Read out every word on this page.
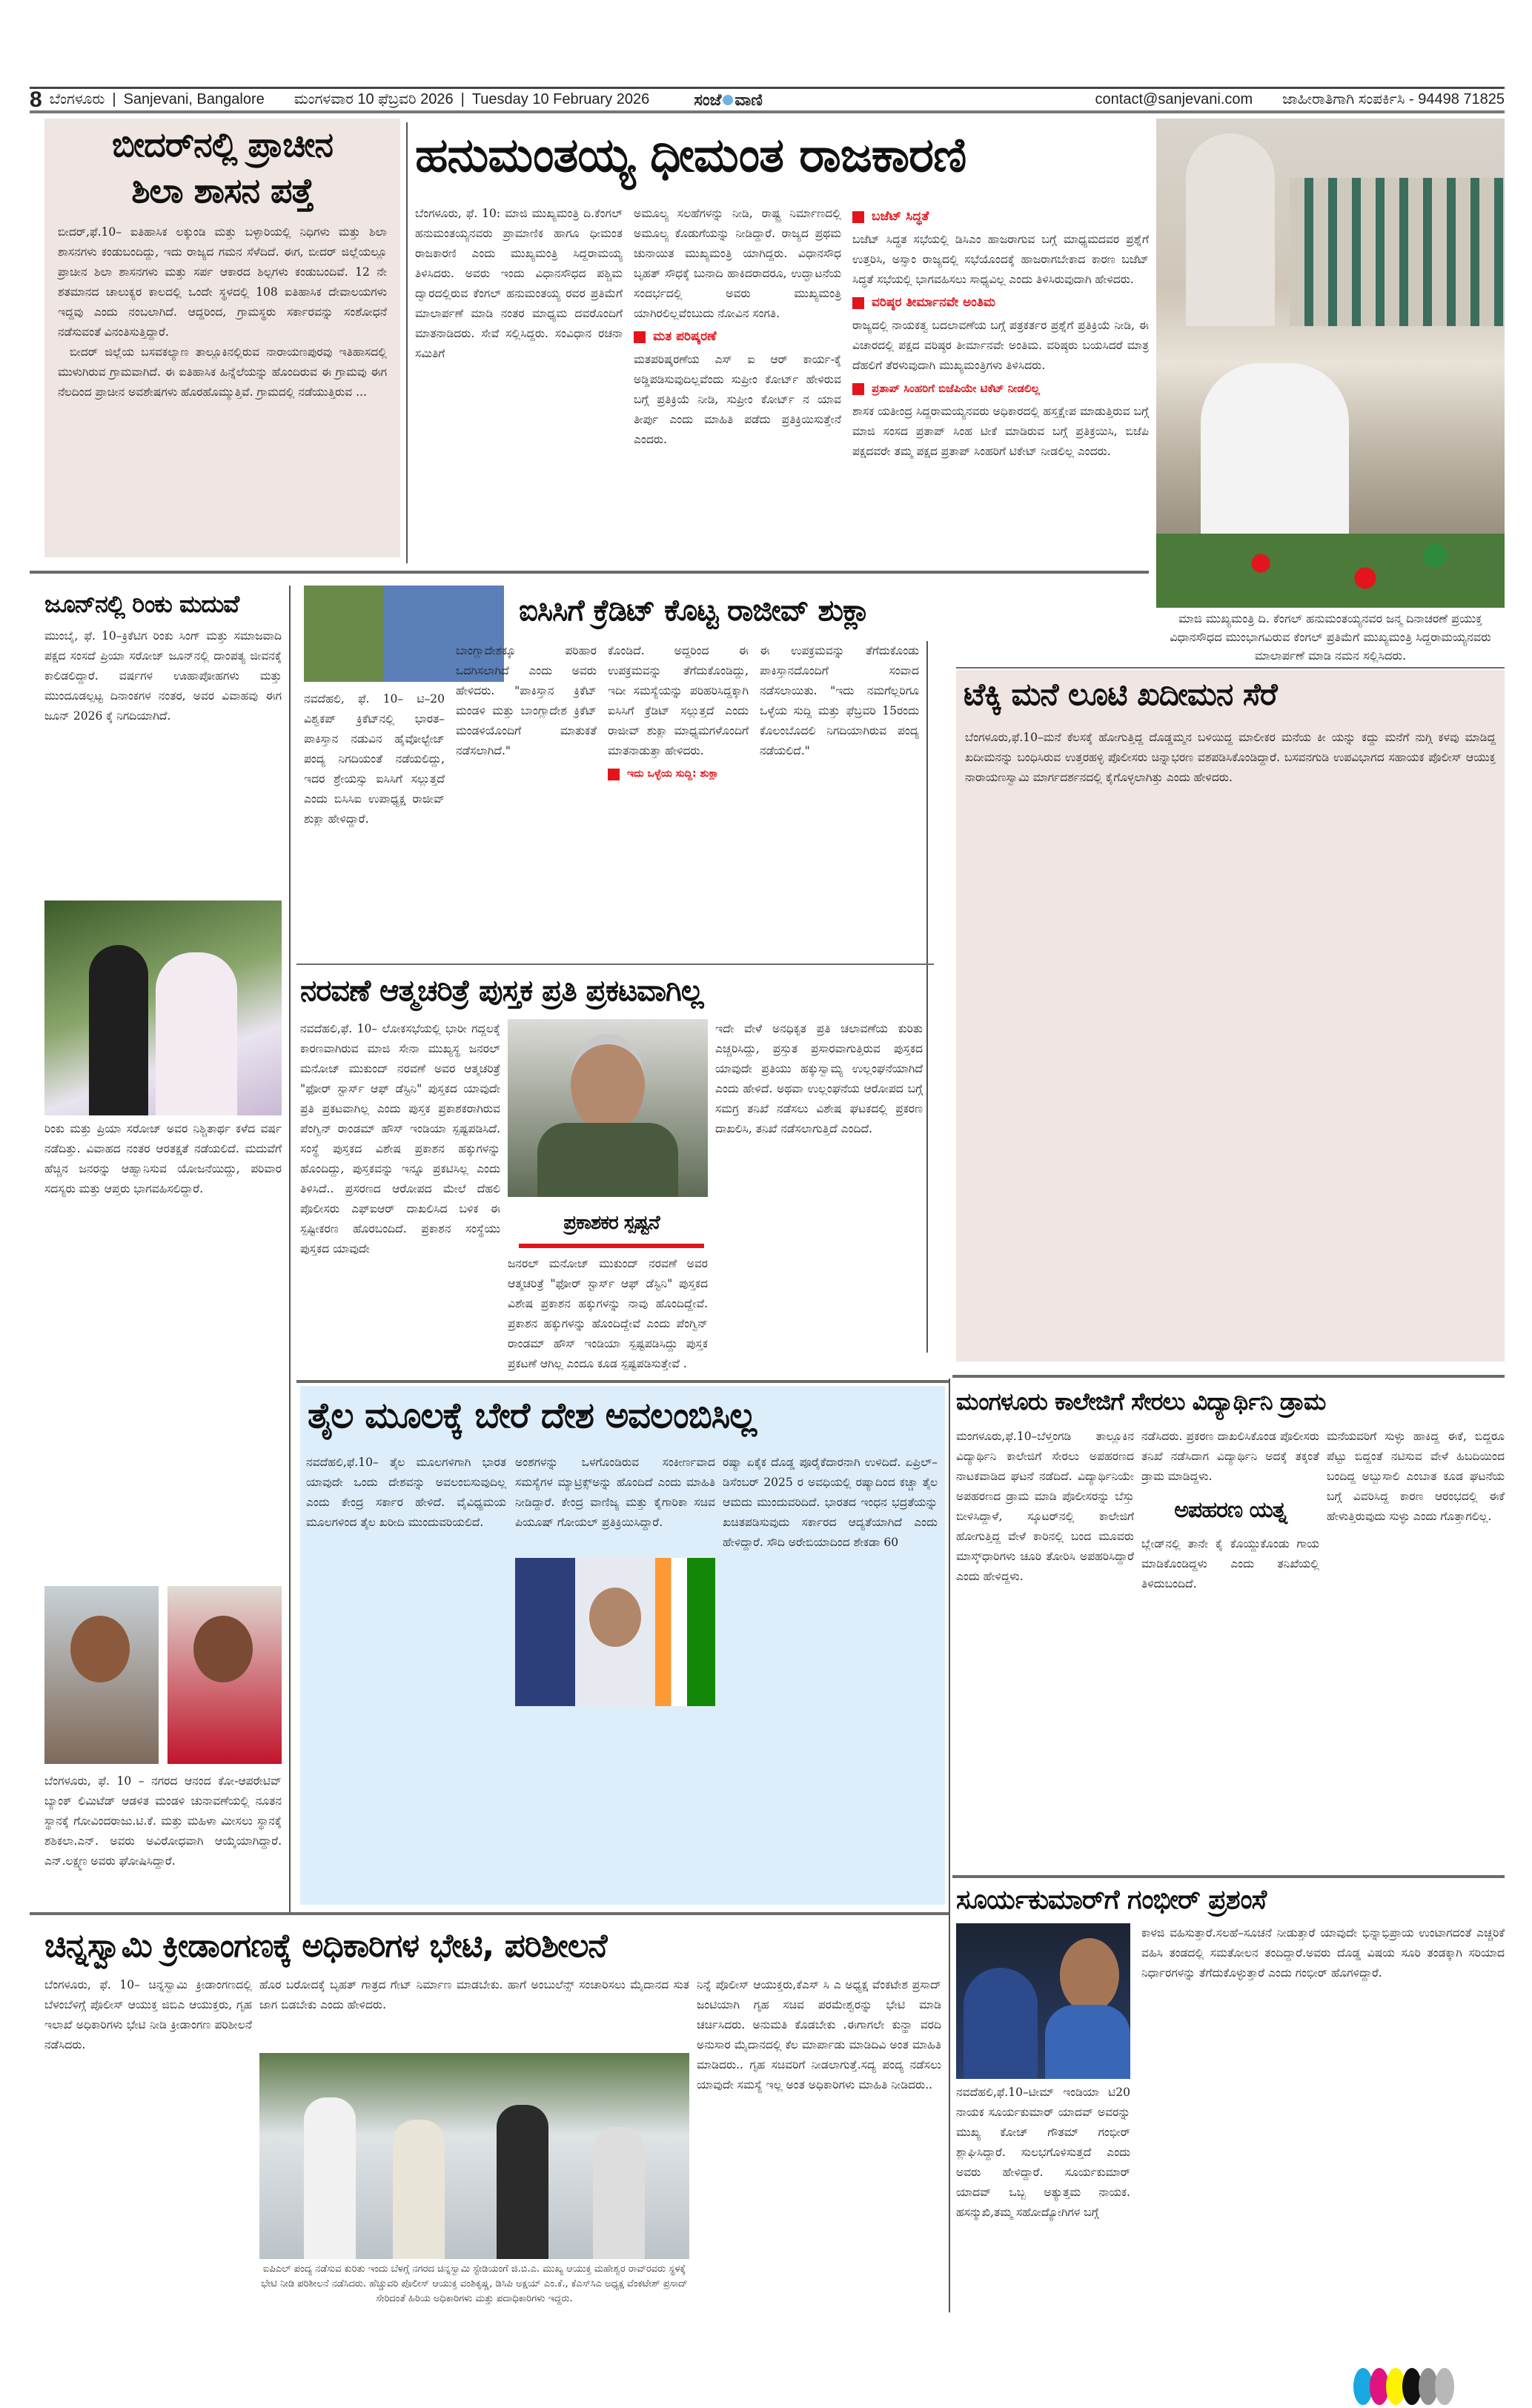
8 ಬೆಂಗಳೂರು | Sanjevani, Bangalore ಮಂಗಳವಾರ 10 ಫೆಬ್ರವರಿ 2026 | Tuesday 10 February 2026	ಸಂಜೆ ವಾಣಿ	contact@sanjevani.com ಜಾಹೀರಾತಿಗಾಗಿ ಸಂಪರ್ಕಿಸಿ - 94498 71825
ಬೀದರ್‌ನಲ್ಲಿ ಪ್ರಾಚೀನ
ಶಿಲಾ ಶಾಸನ ಪತ್ತೆ

ಬೀದರ್,ಫೆ.10– ಐತಿಹಾಸಿಕ ಲಕ್ಕುಂಡಿ ಮತ್ತು ಬಳ್ಳಾರಿಯಲ್ಲಿ ನಿಧಿಗಳು ಮತ್ತು ಶಿಲಾ ಶಾಸನಗಳು ಕಂಡುಬಂದಿದ್ದು, ಇದು ರಾಜ್ಯದ ಗಮನ ಸೆಳೆದಿದೆ. ಈಗ, ಬೀದರ್ ಜಿಲ್ಲೆಯಲ್ಲೂ ಪ್ರಾಚೀನ ಶಿಲಾ ಶಾಸನಗಳು ಮತ್ತು ಸರ್ಪ ಆಕಾರದ ಶಿಲ್ಪಗಳು ಕಂಡುಬಂದಿವೆ. 12 ನೇ ಶತಮಾನದ ಚಾಲುಕ್ಯರ ಕಾಲದಲ್ಲಿ ಒಂದೇ ಸ್ಥಳದಲ್ಲಿ 108 ಐತಿಹಾಸಿಕ ದೇವಾಲಯಗಳು ಇದ್ದವು ಎಂದು ನಂಬಲಾಗಿದೆ. ಆದ್ದರಿಂದ, ಗ್ರಾಮಸ್ಥರು ಸರ್ಕಾರವನ್ನು ಸಂಶೋಧನೆ ನಡೆಸುವಂತೆ ವಿನಂತಿಸುತ್ತಿದ್ದಾರೆ.

ಬೀದರ್ ಜಿಲ್ಲೆಯ ಬಸವಕಲ್ಯಾಣ ತಾಲ್ಲೂಕಿನಲ್ಲಿರುವ ನಾರಾಯಣಪುರವು ಇತಿಹಾಸದಲ್ಲಿ ಮುಳುಗಿರುವ ಗ್ರಾಮವಾಗಿದೆ. ಈ ಐತಿಹಾಸಿಕ ಹಿನ್ನೆಲೆಯನ್ನು ಹೊಂದಿರುವ ಈ ಗ್ರಾಮವು ಈಗ ನೆಲದಿಂದ ಪ್ರಾಚೀನ ಅವಶೇಷಗಳು ಹೊರಹೊಮ್ಮುತ್ತಿವೆ. ಗ್ರಾಮದಲ್ಲಿ ನಡೆಯುತ್ತಿರುವ ...

ಹನುಮಂತಯ್ಯ ಧೀಮಂತ ರಾಜಕಾರಣಿ
ಬೆಂಗಳೂರು, ಫೆ. 10: ಮಾಜಿ ಮುಖ್ಯಮಂತ್ರಿ ದಿ.ಕೆಂಗಲ್ ಹನುಮಂತಯ್ಯನವರು ಪ್ರಾಮಾಣಿಕ ಹಾಗೂ ಧೀಮಂತ ರಾಜಕಾರಣಿ ಎಂದು ಮುಖ್ಯಮಂತ್ರಿ ಸಿದ್ದರಾಮಯ್ಯ ತಿಳಿಸಿದರು. ಅವರು ಇಂದು ವಿಧಾನಸೌಧದ ಪಶ್ಚಿಮ ದ್ವಾರದಲ್ಲಿರುವ ಕೆಂಗಲ್ ಹನುಮಂತಯ್ಯ ರವರ ಪ್ರತಿಮೆಗೆ ಮಾಲಾರ್ಪಣೆ ಮಾಡಿ ನಂತರ ಮಾಧ್ಯಮ ದವರೊಂದಿಗೆ ಮಾತನಾಡಿದರು. ಸೇವೆ ಸಲ್ಲಿಸಿದ್ದರು. ಸಂವಿಧಾನ ರಚನಾ ಸಮಿತಿಗೆ
ಅಮೂಲ್ಯ ಸಲಹೆಗಳನ್ನು ನೀಡಿ, ರಾಷ್ಟ್ರ ನಿರ್ಮಾಣದಲ್ಲಿ ಅಮೂಲ್ಯ ಕೊಡುಗೆಯನ್ನು ನೀಡಿದ್ದಾರೆ. ರಾಜ್ಯದ ಪ್ರಥಮ ಚುನಾಯಿತ ಮುಖ್ಯಮಂತ್ರಿ ಯಾಗಿದ್ದರು. ವಿಧಾನಸೌಧ ಬೃಹತ್ ಸೌಧಕ್ಕೆ ಬುನಾದಿ ಹಾಕಿದರಾದರೂ, ಉದ್ಘಾಟನೆಯ ಸಂದರ್ಭದಲ್ಲಿ ಅವರು ಮುಖ್ಯಮಂತ್ರಿ ಯಾಗಿರಲಿಲ್ಲವೆಂಬುದು ನೋವಿನ ಸಂಗತಿ.
ಮತ ಪರಿಷ್ಕರಣೆ
ಮತಪರಿಷ್ಕರಣೆಯ ಎಸ್ ಐ ಆರ್ ಕಾರ್ಯ-ಕ್ಕೆ ಅಡ್ಡಿಪಡಿಸುವುದಿಲ್ಲವೆಂದು ಸುಪ್ರೀಂ ಕೋರ್ಟ್ ಹೇಳಿರುವ ಬಗ್ಗೆ ಪ್ರತಿಕ್ರಿಯೆ ನೀಡಿ, ಸುಪ್ರೀಂ ಕೋರ್ಟ್ ನ ಯಾವ ತೀರ್ಪು ಎಂದು ಮಾಹಿತಿ ಪಡೆದು ಪ್ರತಿಕ್ರಿಯಿಸುತ್ತೇನೆ ಎಂದರು.
ಬಜೆಟ್ ಸಿದ್ಧತೆ
ಬಜೆಟ್ ಸಿದ್ಧತ ಸಭೆಯಲ್ಲಿ ಡಿಸಿಎಂ ಹಾಜರಾಗುವ ಬಗ್ಗೆ ಮಾಧ್ಯಮದವರ ಪ್ರಶ್ನೆಗೆ ಉತ್ತರಿಸಿ, ಅಸ್ಸಾಂ ರಾಜ್ಯದಲ್ಲಿ ಸಭೆಯೊಂದಕ್ಕೆ ಹಾಜರಾಗಬೇಕಾದ ಕಾರಣ ಬಜೆಟ್ ಸಿದ್ಧತೆ ಸಭೆಯಲ್ಲಿ ಭಾಗವಹಿಸಲು ಸಾಧ್ಯವಿಲ್ಲ ಎಂದು ತಿಳಿಸಿರುವುದಾಗಿ ಹೇಳಿದರು.
ವರಿಷ್ಠರ ತೀರ್ಮಾನವೇ ಅಂತಿಮ
ರಾಜ್ಯದಲ್ಲಿ ನಾಯಕತ್ವ ಬದಲಾವಣೆಯ ಬಗ್ಗೆ ಪತ್ರಕರ್ತರ ಪ್ರಶ್ನೆಗೆ ಪ್ರತಿಕ್ರಿಯೆ ನೀಡಿ, ಈ ವಿಚಾರದಲ್ಲಿ ಪಕ್ಷದ ವರಿಷ್ಠರ ತೀರ್ಮಾನವೇ ಅಂತಿಮ. ವರಿಷ್ಠರು ಬಯಸಿದರೆ ಮಾತ್ರ ದೆಹಲಿಗೆ ತೆರಳುವುದಾಗಿ ಮುಖ್ಯಮಂತ್ರಿಗಳು ತಿಳಿಸಿದರು.
ಪ್ರತಾಪ್ ಸಿಂಹರಿಗೆ ಬಿಜೆಪಿಯೇ ಟಿಕೆಟ್ ನೀಡಲಿಲ್ಲ
ಶಾಸಕ ಯತೀಂದ್ರ ಸಿದ್ದರಾಮಯ್ಯನವರು ಅಧಿಕಾರದಲ್ಲಿ ಹಸ್ತಕ್ಷೇಪ ಮಾಡುತ್ತಿರುವ ಬಗ್ಗೆ ಮಾಜಿ ಸಂಸದ ಪ್ರತಾಪ್ ಸಿಂಹ ಟೀಕೆ ಮಾಡಿರುವ ಬಗ್ಗೆ ಪ್ರತಿಕ್ರಯಿಸಿ, ಬಿಜೆಪಿ ಪಕ್ಷದವರೇ ತಮ್ಮ ಪಕ್ಷದ ಪ್ರತಾಪ್ ಸಿಂಹರಿಗೆ ಟಿಕೇಟ್ ನೀಡಲಿಲ್ಲ ಎಂದರು.
ಮಾಜಿ ಮುಖ್ಯಮಂತ್ರಿ ದಿ. ಕೆಂಗಲ್ ಹನುಮಂತಯ್ಯನವರ ಜನ್ಮ ದಿನಾಚರಣೆ ಪ್ರಯುಕ್ತ ವಿಧಾನಸೌಧದ ಮುಂಭಾಗವಿರುವ ಕೆಂಗಲ್ ಪ್ರತಿಮೆಗೆ ಮುಖ್ಯಮಂತ್ರಿ ಸಿದ್ದರಾಮಯ್ಯನವರು ಮಾಲಾರ್ಪಣೆ ಮಾಡಿ ನಮನ ಸಲ್ಲಿಸಿದರು.
ಜೂನ್‌ನಲ್ಲಿ ರಿಂಕು ಮದುವೆ
ಮುಂಬೈ, ಫೆ. 10–ಕ್ರಿಕೆಟಿಗ ರಿಂಕು ಸಿಂಗ್ ಮತ್ತು ಸಮಾಜವಾದಿ ಪಕ್ಷದ ಸಂಸದೆ ಪ್ರಿಯಾ ಸರೋಜ್ ಜೂನ್‌ನಲ್ಲಿ ದಾಂಪತ್ಯ ಜೀವನಕ್ಕೆ ಕಾಲಿಡಲಿದ್ದಾರೆ. ವರ್ಷಗಳ ಊಹಾಪೋಹಗಳು ಮತ್ತು ಮುಂದೂಡಲ್ಪಟ್ಟ ದಿನಾಂಕಗಳ ನಂತರ, ಅವರ ವಿವಾಹವು ಈಗ ಜೂನ್ 2026 ಕ್ಕೆ ನಿಗದಿಯಾಗಿದೆ.
ರಿಂಕು ಮತ್ತು ಪ್ರಿಯಾ ಸರೋಜ್ ಅವರ ನಿಶ್ಚಿತಾರ್ಥ ಕಳೆದ ವರ್ಷ ನಡೆದಿತ್ತು. ವಿವಾಹದ ನಂತರ ಆರತಕ್ಷತೆ ನಡೆಯಲಿದೆ. ಮದುವೆಗೆ ಹೆಚ್ಚಿನ ಜನರನ್ನು ಆಹ್ವಾನಿಸುವ ಯೋಜನೆಯಿದ್ದು, ಪರಿವಾರ ಸದಸ್ಯರು ಮತ್ತು ಆಪ್ತರು ಭಾಗವಹಿಸಲಿದ್ದಾರೆ.
ಬೆಂಗಳೂರು, ಫೆ. 10 – ನಗರದ ಆನಂದ ಕೋ-ಆಪರೇಟಿವ್ ಬ್ಯಾಂಕ್ ಲಿಮಿಟೆಡ್ ಆಡಳಿತ ಮಂಡಳಿ ಚುನಾವಣೆಯಲ್ಲಿ ನೂತನ ಸ್ಥಾನಕ್ಕೆ ಗೋವಿಂದರಾಜು.ಟಿ.ಕೆ. ಮತ್ತು ಮಹಿಳಾ ಮೀಸಲು ಸ್ಥಾನಕ್ಕೆ ಶಶಿಕಲಾ.ಎನ್. ಅವರು ಅವಿರೋಧವಾಗಿ ಆಯ್ಕೆಯಾಗಿದ್ದಾರೆ. ಎನ್.ಲಕ್ಷ್ಮಣ ಅವರು ಘೋಷಿಸಿದ್ದಾರೆ.
ಐಸಿಸಿಗೆ ಕ್ರೆಡಿಟ್ ಕೊಟ್ಟ ರಾಜೀವ್ ಶುಕ್ಲಾ
ನವದೆಹಲಿ, ಫೆ. 10– ಟಿ–20 ವಿಶ್ವಕಪ್ ಕ್ರಿಕೆಟ್‌ನಲ್ಲಿ ಭಾರತ–ಪಾಕಿಸ್ತಾನ ನಡುವಿನ ಹೈವೋಲ್ಟೇಜ್ ಪಂದ್ಯ ನಿಗದಿಯಂತೆ ನಡೆಯಲಿದ್ದು, ಇದರ ಶ್ರೇಯಸ್ಸು ಐಸಿಸಿಗೆ ಸಲ್ಲುತ್ತದೆ ಎಂದು ಬಿಸಿಸಿಐ ಉಪಾಧ್ಯಕ್ಷ ರಾಜೀವ್ ಶುಕ್ಲಾ ಹೇಳಿದ್ದಾರೆ.
ಬಾಂಗ್ಲಾದೇಶಕ್ಕೂ ಪರಿಹಾರ ಒದಗಿಸಲಾಗಿದೆ ಎಂದು ಅವರು ಹೇಳಿದರು. "ಪಾಕಿಸ್ತಾನ ಕ್ರಿಕೆಟ್ ಮಂಡಳಿ ಮತ್ತು ಬಾಂಗ್ಲಾದೇಶ ಕ್ರಿಕೆಟ್ ಮಂಡಳಿಯೊಂದಿಗೆ ಮಾತುಕತೆ ನಡೆಸಲಾಗಿದೆ."
ಕೊಂಡಿದೆ. ಅದ್ದರಿಂದ ಈ ಉಪಕ್ರಮವನ್ನು ತೆಗೆದುಕೊಂಡಿದ್ದು, ಇದೀ ಸಮಸ್ಯೆಯನ್ನು ಪರಿಹರಿಸಿದ್ದಕ್ಕಾಗಿ ಐಸಿಸಿಗೆ ಕ್ರೆಡಿಟ್ ಸಲ್ಲುತ್ತದೆ ಎಂದು ರಾಜೀವ್ ಶುಕ್ಲಾ ಮಾಧ್ಯಮಗಳೊಂದಿಗೆ ಮಾತನಾಡುತ್ತಾ ಹೇಳಿದರು.
ಇದು ಒಳ್ಳೆಯ ಸುದ್ದಿ: ಶುಕ್ಲಾ
ಈ ಉಪಕ್ರಮವನ್ನು ತೆಗೆದುಕೊಂಡು ಪಾಕಿಸ್ತಾನದೊಂದಿಗೆ ಸಂವಾದ ನಡೆಸಲಾಯಿತು. "ಇದು ನಮಗೆಲ್ಲರಿಗೂ ಒಳ್ಳೆಯ ಸುದ್ದಿ ಮತ್ತು ಫೆಬ್ರವರಿ 15ರಂದು ಕೊಲಂಬೊದಲಿ ನಿಗದಿಯಾಗಿರುವ ಪಂದ್ಯ ನಡೆಯಲಿದೆ."
ನರವಣೆ ಆತ್ಮಚರಿತ್ರೆ ಪುಸ್ತಕ ಪ್ರತಿ ಪ್ರಕಟವಾಗಿಲ್ಲ
ನವದೆಹಲಿ,ಫೆ. 10– ಲೋಕಸಭೆಯಲ್ಲಿ ಭಾರೀ ಗದ್ದಲಕ್ಕೆ ಕಾರಣವಾಗಿರುವ ಮಾಜಿ ಸೇನಾ ಮುಖ್ಯಸ್ಥ ಜನರಲ್ ಮನೋಜ್ ಮುಕುಂದ್ ನರವಣೆ ಅವರ ಆತ್ಮಚರಿತ್ರೆ "ಫೋರ್ ಸ್ಟಾರ್ಸ್ ಆಫ್ ಡೆಸ್ಟಿನಿ" ಪುಸ್ತಕದ ಯಾವುದೇ ಪ್ರತಿ ಪ್ರಕಟವಾಗಿಲ್ಲ ಎಂದು ಪುಸ್ತಕ ಪ್ರಕಾಶಕರಾಗಿರುವ ಪೆಂಗ್ವಿನ್ ರಾಂಡಮ್ ಹೌಸ್ ಇಂಡಿಯಾ ಸ್ಪಷ್ಟಪಡಿಸಿದೆ. ಸಂಸ್ಥೆ ಪುಸ್ತಕದ ವಿಶೇಷ ಪ್ರಕಾಶನ ಹಕ್ಕುಗಳನ್ನು ಹೊಂದಿದ್ದು, ಪುಸ್ತಕವನ್ನು ಇನ್ನೂ ಪ್ರಕಟಿಸಿಲ್ಲ ಎಂದು ತಿಳಿಸಿದೆ.. ಪ್ರಸರಣದ ಆರೋಪದ ಮೇಲೆ ದೆಹಲಿ ಪೊಲೀಸರು ಎಫ್‌ಐಆರ್ ದಾಖಲಿಸಿದ ಬಳಿಕ ಈ ಸ್ಪಷ್ಟೀಕರಣ ಹೊರಬಂದಿದೆ. ಪ್ರಕಾಶನ ಸಂಸ್ಥೆಯು ಪುಸ್ತಕದ ಯಾವುದೇ
ಪ್ರಕಾಶಕರ ಸ್ಪಷ್ಟನೆ
ಜನರಲ್ ಮನೋಜ್ ಮುಕುಂದ್ ನರವಣೆ ಅವರ ಆತ್ಮಚರಿತ್ರೆ "ಫೋರ್ ಸ್ಟಾರ್ಸ್ ಆಫ್ ಡೆಸ್ಟಿನಿ" ಪುಸ್ತಕದ ವಿಶೇಷ ಪ್ರಕಾಶನ ಹಕ್ಕುಗಳನ್ನು ನಾವು ಹೊಂದಿದ್ದೇವೆ. ಪ್ರಕಾಶನ ಹಕ್ಕುಗಳನ್ನು ಹೊಂದಿದ್ದೇವೆ ಎಂದು ಪೆಂಗ್ವಿನ್ ರಾಂಡಮ್ ಹೌಸ್ ಇಂಡಿಯಾ ಸ್ಪಷ್ಟಪಡಿಸಿದ್ದು ಪುಸ್ತಕ ಪ್ರಕಟಣೆ ಆಗಿಲ್ಲ ಎಂದೂ ಕೂಡ ಸ್ಪಷ್ಟಪಡಿಸುತ್ತೇವೆ .
ಇದೇ ವೇಳೆ ಅನಧಿಕೃತ ಪ್ರತಿ ಚಲಾವಣೆಯ ಕುರಿತು ಎಚ್ಚರಿಸಿದ್ದು, ಪ್ರಸ್ತುತ ಪ್ರಸಾರವಾಗುತ್ತಿರುವ ಪುಸ್ತಕದ ಯಾವುದೇ ಪ್ರತಿಯು ಹಕ್ಕುಸ್ವಾಮ್ಯ ಉಲ್ಲಂಘನೆಯಾಗಿದೆ ಎಂದು ಹೇಳಿದೆ. ಅಥವಾ ಉಲ್ಲಂಘನೆಯ ಆರೋಪದ ಬಗ್ಗೆ ಸಮಗ್ರ ತನಿಖೆ ನಡೆಸಲು ವಿಶೇಷ ಘಟಕದಲ್ಲಿ ಪ್ರಕರಣ ದಾಖಲಿಸಿ, ತನಿಖೆ ನಡೆಸಲಾಗುತ್ತಿದೆ ಎಂದಿದೆ.
ಟೆಕ್ಕಿ ಮನೆ ಲೂಟಿ ಖದೀಮನ ಸೆರೆ
ಬೆಂಗಳೂರು,ಫೆ.10–ಮನೆ ಕೆಲಸಕ್ಕೆ ಹೋಗುತ್ತಿದ್ದ ದೊಡ್ಡಮ್ಮನ ಬಳಿಯಿದ್ದ ಮಾಲೀಕರ ಮನೆಯ ಕೀ ಯನ್ನು ಕದ್ದು ಮನೆಗೆ ನುಗ್ಗಿ ಕಳವು ಮಾಡಿದ್ದ ಖದೀಮನನ್ನು ಬಂಧಿಸಿರುವ ಉತ್ತರಹಳ್ಳಿ ಪೊಲೀಸರು ಚಿನ್ನಾಭರಣ ವಶಪಡಿಸಿಕೊಂಡಿದ್ದಾರೆ. ಬಸವನಗುಡಿ ಉಪವಿಭಾಗದ ಸಹಾಯಕ ಪೊಲೀಸ್ ಆಯುಕ್ತ ನಾರಾಯಣಸ್ವಾಮಿ ಮಾರ್ಗದರ್ಶನದಲ್ಲಿ ಕೈಗೊಳ್ಳಲಾಗಿತ್ತು ಎಂದು ಹೇಳಿದರು.
ತೈಲ ಮೂಲಕ್ಕೆ ಬೇರೆ ದೇಶ ಅವಲಂಬಿಸಿಲ್ಲ
ನವದೆಹಲಿ,ಫೆ.10– ತೈಲ ಮೂಲಗಳಿಗಾಗಿ ಭಾರತ ಯಾವುದೇ ಒಂದು ದೇಶವನ್ನು ಅವಲಂಬಿಸುವುದಿಲ್ಲ ಎಂದು ಕೇಂದ್ರ ಸರ್ಕಾರ ಹೇಳಿದೆ. ವೈವಿಧ್ಯಮಯ ಮೂಲಗಳಿಂದ ತೈಲ ಖರೀದಿ ಮುಂದುವರಿಯಲಿದೆ.
ಅಂಶಗಳನ್ನು ಒಳಗೊಂಡಿರುವ ಸಂಕೀರ್ಣವಾದ ಸಮಸ್ಯೆಗಳ ಮ್ಯಾಟ್ರಿಕ್ಸ್‌ಅನ್ನು ಹೊಂದಿದೆ ಎಂದು ಮಾಹಿತಿ ನೀಡಿದ್ದಾರೆ. ಕೇಂದ್ರ ವಾಣಿಜ್ಯ ಮತ್ತು ಕೈಗಾರಿಕಾ ಸಚಿವ ಪಿಯೂಷ್ ಗೋಯಲ್ ಪ್ರತಿಕ್ರಿಯಿಸಿದ್ದಾರೆ.
ರಷ್ಯಾ ಏಕೈಕ ದೊಡ್ಡ ಪೂರೈಕೆದಾರನಾಗಿ ಉಳಿದಿದೆ. ಏಪ್ರಿಲ್–ಡಿಸೆಂಬರ್ 2025 ರ ಅವಧಿಯಲ್ಲಿ ರಷ್ಯಾದಿಂದ ಕಚ್ಚಾ ತೈಲ ಆಮದು ಮುಂದುವರಿದಿದೆ. ಭಾರತದ ಇಂಧನ ಭದ್ರತೆಯನ್ನು ಖಚಿತಪಡಿಸುವುದು ಸರ್ಕಾರದ ಆದ್ಯತೆಯಾಗಿದೆ ಎಂದು ಹೇಳಿದ್ದಾರೆ. ಸೌದಿ ಅರೇಬಿಯಾದಿಂದ ಶೇಕಡಾ 60
ಮಂಗಳೂರು ಕಾಲೇಜಿಗೆ ಸೇರಲು ವಿದ್ಯಾರ್ಥಿನಿ ಡ್ರಾಮ
ಮಂಗಳೂರು,ಫೆ.10–ಬೆಳ್ತಂಗಡಿ ತಾಲ್ಲೂಕಿನ ವಿದ್ಯಾರ್ಥಿನಿ ಕಾಲೇಜಿಗೆ ಸೇರಲು ಅಪಹರಣದ ನಾಟಕವಾಡಿದ ಘಟನೆ ನಡೆದಿದೆ. ವಿದ್ಯಾರ್ಥಿನಿಯೇ ಅಪಹರಣದ ಡ್ರಾಮ ಮಾಡಿ ಪೊಲೀಸರನ್ನು ಬೆಸ್ತು ಬೀಳಿಸಿದ್ದಾಳೆ, ಸ್ಕೂಟರ್‌ನಲ್ಲಿ ಕಾಲೇಜಿಗೆ ಹೋಗುತ್ತಿದ್ದ ವೇಳೆ ಕಾರಿನಲ್ಲಿ ಬಂದ ಮೂವರು ಮಾಸ್ಕ್‌ಧಾರಿಗಳು ಚೂರಿ ತೋರಿಸಿ ಅಪಹರಿಸಿದ್ದಾರೆ ಎಂದು ಹೇಳಿದ್ದಳು.
ನಡೆಸಿದರು. ಪ್ರಕರಣ ದಾಖಲಿಸಿಕೊಂಡ ಪೊಲೀಸರು ತನಿಖೆ ನಡೆಸಿದಾಗ ವಿದ್ಯಾರ್ಥಿನಿ ಅದಕ್ಕೆ ತಕ್ಕಂತೆ ಡ್ರಾಮ ಮಾಡಿದ್ದಳು.
ಅಪಹರಣ ಯತ್ನ
ಬ್ಲೇಡ್‌ನಲ್ಲಿ ತಾನೇ ಕೈ ಕೊಯ್ದುಕೊಂಡು ಗಾಯ ಮಾಡಿಕೊಂಡಿದ್ದಳು ಎಂದು ತನಿಖೆಯಲ್ಲಿ ತಿಳಿದುಬಂದಿದೆ.
ಮನೆಯವರಿಗೆ ಸುಳ್ಳು ಹಾಕಿದ್ದ ಈಕೆ, ಬಿದ್ದರೂ ಪೆಟ್ಟು ಬಿದ್ದಂತೆ ನಟಿಸುವ ವೇಳೆ ಹಿಬದಿಯಿಂದ ಬಂದಿದ್ದ ಅಬ್ಬುಸಾಲಿ ಎಂಬಾತ ಕೂಡ ಘಟನೆಯ ಬಗ್ಗೆ ವಿವರಿಸಿದ್ದ ಕಾರಣ ಆರಂಭದಲ್ಲಿ ಈಕೆ ಹೇಳುತ್ತಿರುವುದು ಸುಳ್ಳು ಎಂದು ಗೊತ್ತಾಗಲಿಲ್ಲ.
ಸೂರ್ಯಕುಮಾರ್‌ಗೆ ಗಂಭೀರ್ ಪ್ರಶಂಸೆ
ನವದೆಹಲಿ,ಫೆ.10–ಟೀಮ್ ಇಂಡಿಯಾ ಟಿ20 ನಾಯಕ ಸೂರ್ಯಕುಮಾರ್ ಯಾದವ್ ಅವರನ್ನು ಮುಖ್ಯ ಕೋಚ್ ಗೌತಮ್ ಗಂಭೀರ್ ಶ್ಲಾಘಿಸಿದ್ದಾರೆ. ಸುಲಭಗೊಳಿಸುತ್ತದೆ ಎಂದು ಅವರು ಹೇಳಿದ್ದಾರೆ. ಸೂರ್ಯಕುಮಾರ್ ಯಾದವ್ ಒಬ್ಬ ಅತ್ಯುತ್ತಮ ನಾಯಕ. ಹಸನ್ಮುಖಿ,ತಮ್ಮ ಸಹೋದ್ಯೋಗಿಗಳ ಬಗ್ಗೆ
ಕಾಳಜಿ ವಹಿಸುತ್ತಾರೆ.ಸಲಹೆ–ಸೂಚನೆ ನೀಡುತ್ತಾರೆ ಯಾವುದೇ ಭಿನ್ನಾಭಿಪ್ರಾಯ ಉಂಟಾಗದಂತೆ ಎಚ್ಚರಿಕೆ ವಹಿಸಿ ತಂಡದಲ್ಲಿ ಸಮತೋಲನ ತಂದಿದ್ದಾರೆ.ಅವರು ದೊಡ್ಡ ವಿಷಯ ಸೂರಿ ತಂಡಕ್ಕಾಗಿ ಸರಿಯಾದ ನಿರ್ಧಾರಗಳನ್ನು ತೆಗೆದುಕೊಳ್ಳುತ್ತಾರೆ ಎಂದು ಗಂಭೀರ್ ಹೊಗಳಿದ್ದಾರೆ.
ಚಿನ್ನಸ್ವಾಮಿ ಕ್ರೀಡಾಂಗಣಕ್ಕೆ ಅಧಿಕಾರಿಗಳ ಭೇಟಿ, ಪರಿಶೀಲನೆ
ಬೆಂಗಳೂರು, ಫೆ. 10– ಚಿನ್ನಸ್ವಾಮಿ ಕ್ರೀಡಾಂಗಣದಲ್ಲಿ ಬೆಳಂಬೆಳಿಗ್ಗೆ ಪೊಲೀಸ್ ಆಯುಕ್ತ ಜಿಬಿಎ ಆಯುಕ್ತರು, ಗೃಹ ಇಲಾಖೆ ಅಧಿಕಾರಿಗಳು ಭೇಟಿ ನೀಡಿ ಕ್ರೀಡಾಂಗಣ ಪರಿಶೀಲನೆ ನಡೆಸಿದರು.
ಹೊರ ಬರೋದಕ್ಕೆ ಬೃಹತ್ ಗಾತ್ರದ ಗೇಟ್ ನಿರ್ಮಾಣ ಮಾಡಬೇಕು. ಹಾಗೆ ಅಂಬುಲೆನ್ಸ್ ಸಂಚಾರಿಸಲು ಮೈದಾನದ ಸುತ ಜಾಗ ಬಿಡಬೇಕು ಎಂದು ಹೇಳಿದರು.
ಐಪಿಎಲ್ ಪಂದ್ಯ ನಡೆಸುವ ಕುರಿತು ಇಂದು ಬೆಳಗ್ಗೆ ನಗರದ ಚಿನ್ನಸ್ವಾಮಿ ಸ್ಟೇಡಿಯಂಗೆ ಜಿ.ಬಿ.ಎ. ಮುಖ್ಯ ಆಯುಕ್ತ ಮಹೇಶ್ವರ ರಾವ್‌ರವರು ಸ್ಥಳಕ್ಕೆ ಭೇಟಿ ನೀಡಿ ಪರಿಶೀಲನೆ ನಡೆಸಿದರು. ಹೆಚ್ಚುವರಿ ಪೊಲೀಸ್ ಆಯುಕ್ತ ವಂಶಿಕೃಷ್ಣ, ಡಿಸಿಪಿ ಅಕ್ಷಯ್ ಎಂ.ಕೆ., ಕೆಎಸ್‌ಸಿಎ ಅಧ್ಯಕ್ಷ ವೆಂಕಟೇಶ್ ಪ್ರಸಾದ್ ಸೇರಿದಂತೆ ಹಿರಿಯ ಅಧಿಕಾರಿಗಳು ಮತ್ತು ಪದಾಧಿಕಾರಿಗಳು ಇದ್ದರು.
ನಿನ್ನೆ ಪೊಲೀಸ್ ಆಯುಕ್ತರು,ಕೆಎಸ್ ಸಿ ಎ ಅಧ್ಯಕ್ಷ ವೆಂಕಟೇಶ ಪ್ರಸಾದ್ ಜಂಟಿಯಾಗಿ ಗೃಹ ಸಚಿವ ಪರಮೇಶ್ವರನ್ನು ಭೇಟಿ ಮಾಡಿ ಚರ್ಚಿಸಿದರು. ಅನುಮತಿ ಕೊಡಬೇಕು .ಈಗಾಗಲೇ ಕುನ್ಹಾ ವರದಿ ಅನುಸಾರ ಮೈದಾನದಲ್ಲಿ ಕೆಲ ಮಾರ್ಪಾಡು ಮಾಡಿದಿವಿ ಅಂತ ಮಾಹಿತಿ ಮಾಡಿದರು.. ಗೃಹ ಸಚಿವರಿಗೆ ನೀಡಲಾಗುತ್ತೆ.ಸದ್ಯ ಪಂದ್ಯ ನಡೆಸಲು ಯಾವುದೇ ಸಮಸ್ಯೆ ಇಲ್ಲ ಅಂತ ಅಧಿಕಾರಿಗಳು ಮಾಹಿತಿ ನೀಡಿದರು..
